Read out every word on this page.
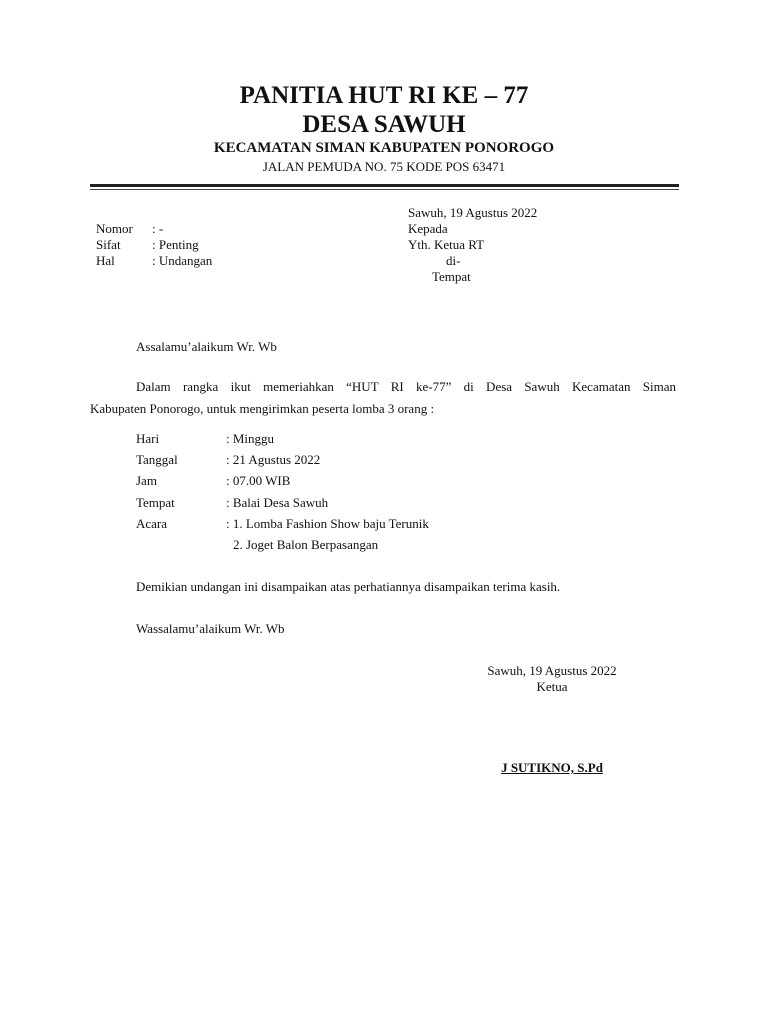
PANITIA HUT RI KE – 77
DESA SAWUH
KECAMATAN SIMAN KABUPATEN PONOROGO
JALAN PEMUDA NO. 75 KODE POS 63471
Nomor : -
Sifat : Penting
Hal	: Undangan
Sawuh, 19 Agustus 2022
Kepada
Yth. Ketua RT
di-
Tempat
Assalamu’alaikum Wr. Wb
Dalam rangka ikut memeriahkan “HUT RI ke-77” di Desa Sawuh Kecamatan Siman
Kabupaten Ponorogo, untuk mengirimkan peserta lomba 3 orang :
Hari	: Minggu
Tanggal	: 21 Agustus 2022
Jam	: 07.00 WIB
Tempat	: Balai Desa Sawuh
Acara	: 1. Lomba Fashion Show baju Terunik
2. Joget Balon Berpasangan
Demikian undangan ini disampaikan atas perhatiannya disampaikan terima kasih.
Wassalamu’alaikum Wr. Wb
Sawuh, 19 Agustus 2022
Ketua
J SUTIKNO, S.Pd
